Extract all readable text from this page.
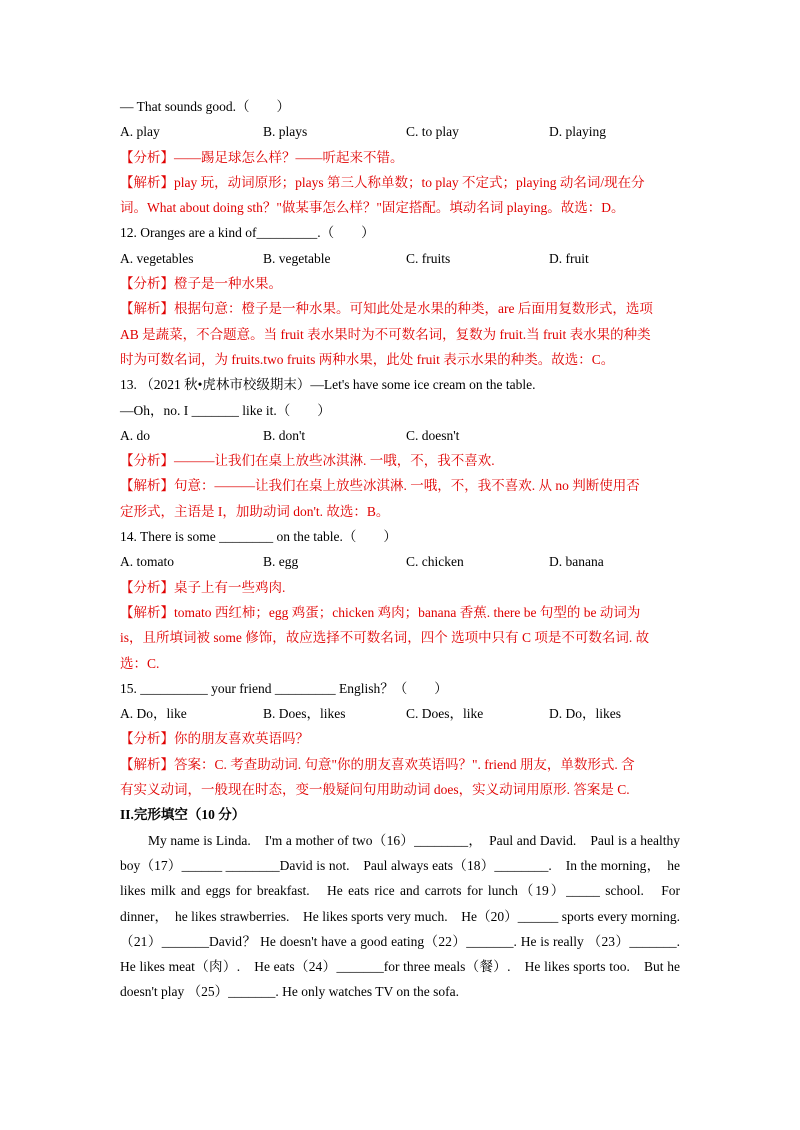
— That sounds good.（　　）
A. play	B. plays	C. to play	D. playing
【分析】——踢足球怎么样？——听起来不错。
【解析】play 玩，动词原形；plays 第三人称单数；to play 不定式；playing 动名词/现在分
词。What about doing sth？"做某事怎么样？"固定搭配。填动名词 playing。故选：D。
12. Oranges are a kind of_________.（　　）
A. vegetables	B. vegetable	C. fruits	D. fruit
【分析】橙子是一种水果。
【解析】根据句意：橙子是一种水果。可知此处是水果的种类，are 后面用复数形式，选项
AB 是蔬菜，不合题意。当 fruit 表水果时为不可数名词，复数为 fruit.当 fruit 表水果的种类
时为可数名词，为 fruits.two fruits 两种水果，此处 fruit 表示水果的种类。故选：C。
13. （2021 秋•虎林市校级期末）—Let's have some ice cream on the table.
—Oh，no. I _______ like it.（　　）
A. do	B. don't	C. doesn't
【分析】———让我们在桌上放些冰淇淋. 一哦，不，我不喜欢.
【解析】句意：———让我们在桌上放些冰淇淋. 一哦，不，我不喜欢. 从 no 判断使用否
定形式，主语是 I，加助动词 don't. 故选：B。
14. There is some ________ on the table.（　　）
A. tomato	B. egg	C. chicken	D. banana
【分析】桌子上有一些鸡肉.
【解析】tomato 西红柿；egg 鸡蛋；chicken 鸡肉；banana 香蕉. there be 句型的 be 动词为
is，且所填词被 some 修饰，故应选择不可数名词，四个 选项中只有 C 项是不可数名词. 故
选：C.
15. __________ your friend _________ English？（　　）
A. Do，like	B. Does，likes	C. Does，like	D. Do，likes
【分析】你的朋友喜欢英语吗？
【解析】答案：C. 考查助动词. 句意"你的朋友喜欢英语吗？". friend 朋友，单数形式. 含
有实义动词，一般现在时态，变一般疑问句用助动词 does，实义动词用原形. 答案是 C.
II.完形填空（10 分）
My name is Linda.　I'm a mother of two（16）________，　Paul and David.　Paul is a healthy boy（17）______ ________David is not.　Paul always eats（18）________.　In the morning，　he likes milk and eggs for breakfast.　He eats rice and carrots for lunch（19）_____ school.　For dinner，　he likes strawberries.　He likes sports very much.　He（20）______ sports every morning.　（21）_______David？ He doesn't have a good eating（22）_______. He is really （23）_______.　He likes meat（肉）.　He eats（24）_______for three meals（餐）.　He likes sports too.　But he doesn't play （25）_______. He only watches TV on the sofa.
